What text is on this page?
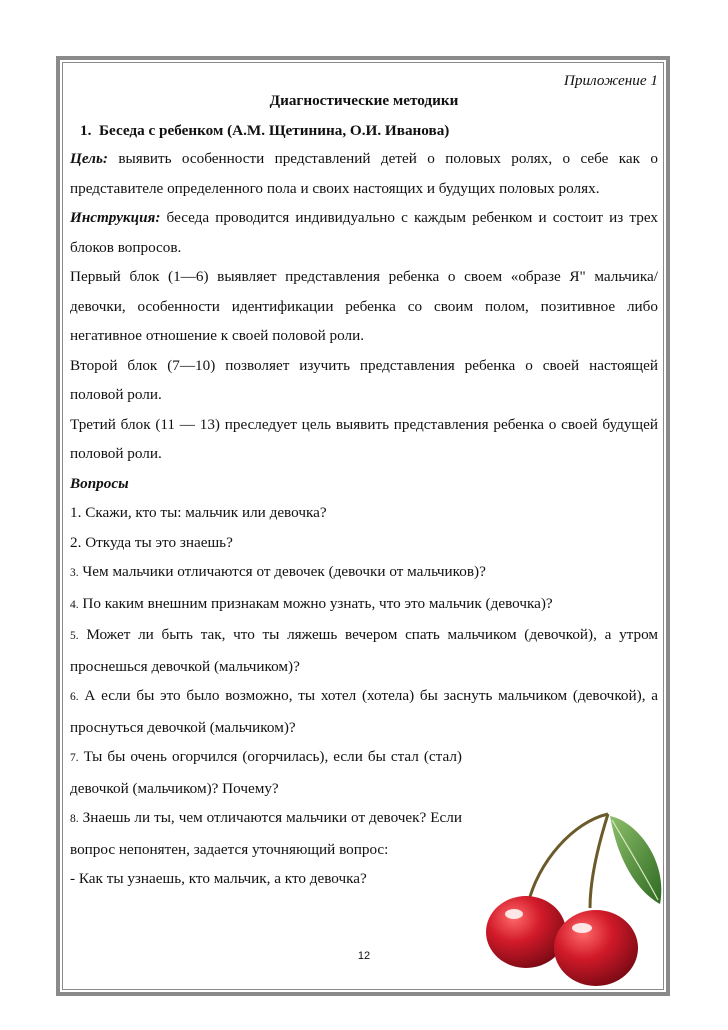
Приложение 1

Диагностические методики

1. Беседа с ребенком (А.М. Щетинина, О.И. Иванова)

Цель: выявить особенности представлений детей о половых ролях, о себе как о представителе определенного пола и своих настоящих и будущих половых ролях.

Инструкция: беседа проводится индивидуально с каждым ребенком и состоит из трех блоков вопросов.

Первый блок (1—6) выявляет представления ребенка о своем «образе Я" мальчика/девочки, особенности идентификации ребенка со своим полом, позитивное либо негативное отношение к своей половой роли.

Второй блок (7—10) позволяет изучить представления ребенка о своей настоящей половой роли.

Третий блок (11 — 13) преследует цель выявить представления ребенка о своей будущей половой роли.

Вопросы

1. Скажи, кто ты: мальчик или девочка?

2. Откуда ты это знаешь?

3. Чем мальчики отличаются от девочек (девочки от мальчиков)?

4. По каким внешним признакам можно узнать, что это мальчик (девочка)?

5. Может ли быть так, что ты ляжешь вечером спать мальчиком (девочкой), а утром проснешься девочкой (мальчиком)?

6. А если бы это было возможно, ты хотел (хотела) бы заснуть мальчиком (девочкой), а проснуться девочкой (мальчиком)?

7. Ты бы очень огорчился (огорчилась), если бы стал (стал) девочкой (мальчиком)? Почему?

8. Знаешь ли ты, чем отличаются мальчики от девочек? Если вопрос непонятен, задается уточняющий вопрос:

- Как ты узнаешь, кто мальчик, а кто девочка?

12
